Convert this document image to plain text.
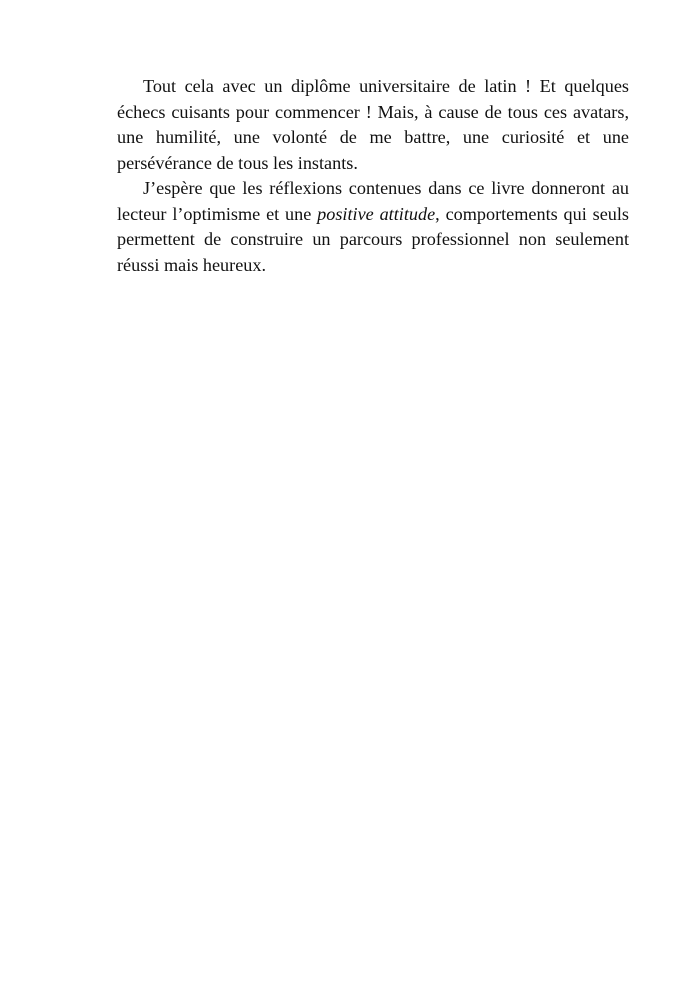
Tout cela avec un diplôme universitaire de latin ! Et quelques échecs cuisants pour commencer ! Mais, à cause de tous ces avatars, une humilité, une volonté de me battre, une curiosité et une persévérance de tous les instants.

J’espère que les réflexions contenues dans ce livre donneront au lecteur l’optimisme et une positive attitude, comportements qui seuls permettent de construire un parcours professionnel non seulement réussi mais heureux.
